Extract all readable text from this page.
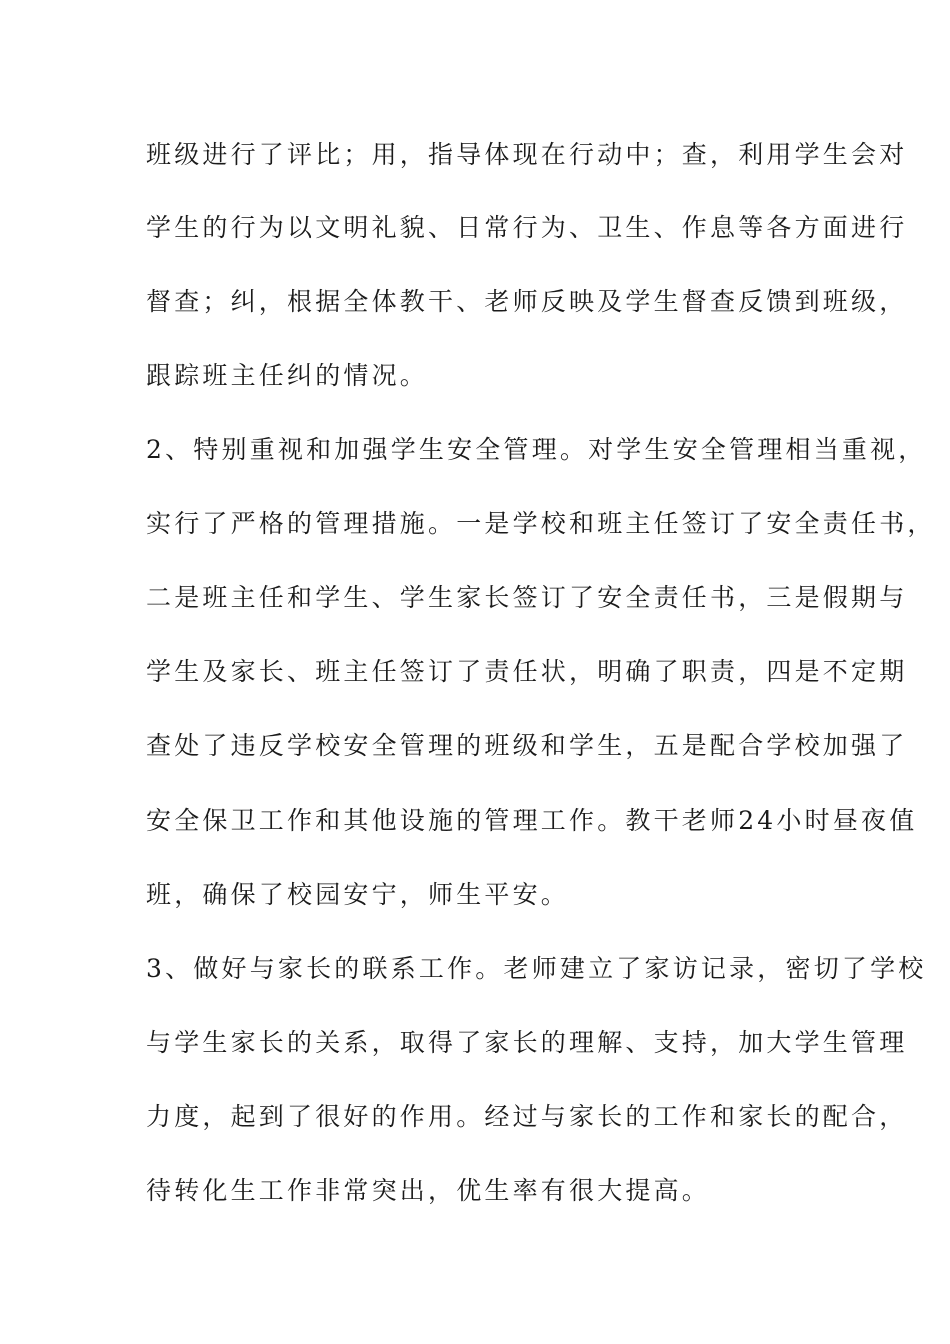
班级进行了评比；用，指导体现在行动中；查，利用学生会对
学生的行为以文明礼貌、日常行为、卫生、作息等各方面进行
督查；纠，根据全体教干、老师反映及学生督查反馈到班级，
跟踪班主任纠的情况。
2、特别重视和加强学生安全管理。对学生安全管理相当重视，
实行了严格的管理措施。一是学校和班主任签订了安全责任书，
二是班主任和学生、学生家长签订了安全责任书，三是假期与
学生及家长、班主任签订了责任状，明确了职责，四是不定期
查处了违反学校安全管理的班级和学生，五是配合学校加强了
安全保卫工作和其他设施的管理工作。教干老师24小时昼夜值
班，确保了校园安宁，师生平安。
3、做好与家长的联系工作。老师建立了家访记录，密切了学校
与学生家长的关系，取得了家长的理解、支持，加大学生管理
力度，起到了很好的作用。经过与家长的工作和家长的配合，
待转化生工作非常突出，优生率有很大提高。
